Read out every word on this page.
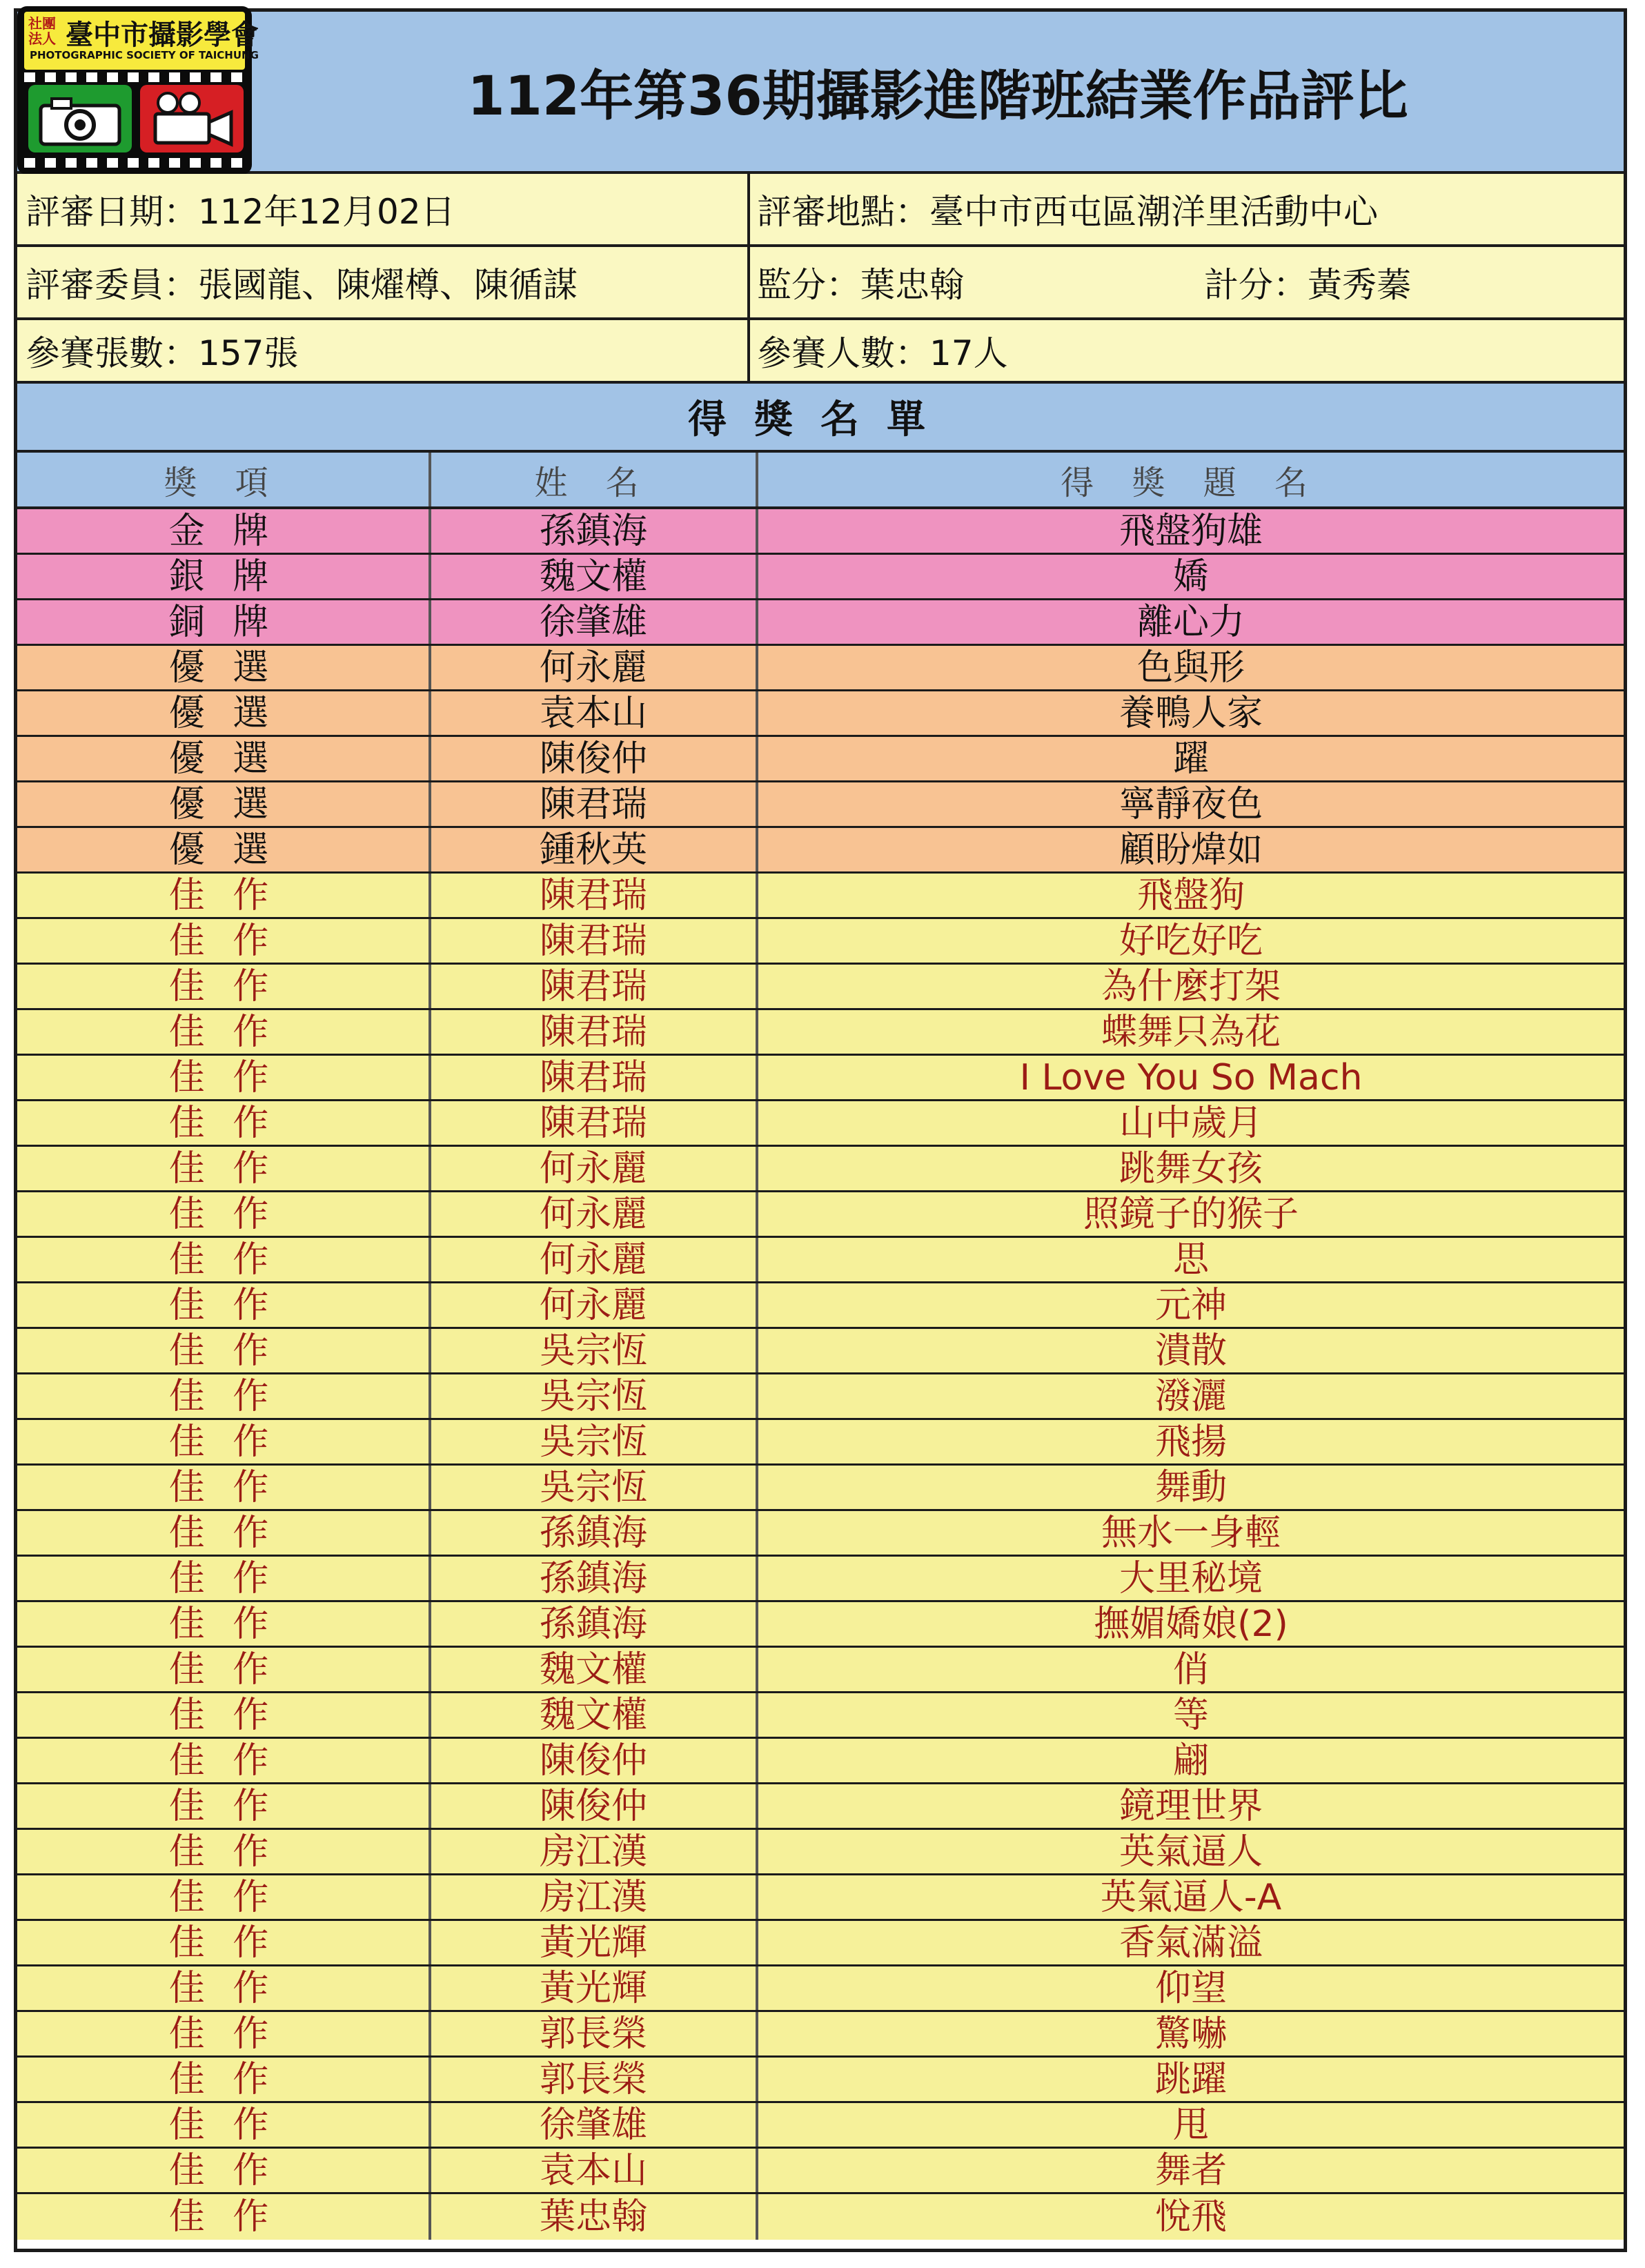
社團法人 臺中市攝影學會
PHOTOGRAPHIC SOCIETY OF TAICHUNG
112年第36期攝影進階班結業作品評比
評審日期：112年12月02日	評審地點：臺中市西屯區潮洋里活動中心
評審委員：張國龍、陳燿樽、陳循謀	監分：葉忠翰	計分：黃秀蓁
參賽張數：157張	參賽人數：17人
得獎名單
獎 項	姓 名	得 獎 題 名
金 牌	孫鎮海	飛盤狗雄
銀 牌	魏文權	嬌
銅 牌	徐肇雄	離心力
優 選	何永麗	色與形
優 選	袁本山	養鴨人家
優 選	陳俊仲	躍
優 選	陳君瑞	寧靜夜色
優 選	鍾秋英	顧盼煒如
佳 作	陳君瑞	飛盤狗
佳 作	陳君瑞	好吃好吃
佳 作	陳君瑞	為什麼打架
佳 作	陳君瑞	蝶舞只為花
佳 作	陳君瑞	I Love You So Mach
佳 作	陳君瑞	山中歲月
佳 作	何永麗	跳舞女孩
佳 作	何永麗	照鏡子的猴子
佳 作	何永麗	思
佳 作	何永麗	元神
佳 作	吳宗恆	潰散
佳 作	吳宗恆	潑灑
佳 作	吳宗恆	飛揚
佳 作	吳宗恆	舞動
佳 作	孫鎮海	無水一身輕
佳 作	孫鎮海	大里秘境
佳 作	孫鎮海	撫媚嬌娘(2)
佳 作	魏文權	俏
佳 作	魏文權	等
佳 作	陳俊仲	翩
佳 作	陳俊仲	鏡理世界
佳 作	房江漢	英氣逼人
佳 作	房江漢	英氣逼人-A
佳 作	黃光輝	香氣滿溢
佳 作	黃光輝	仰望
佳 作	郭長榮	驚嚇
佳 作	郭長榮	跳躍
佳 作	徐肇雄	甩
佳 作	袁本山	舞者
佳 作	葉忠翰	悅飛
